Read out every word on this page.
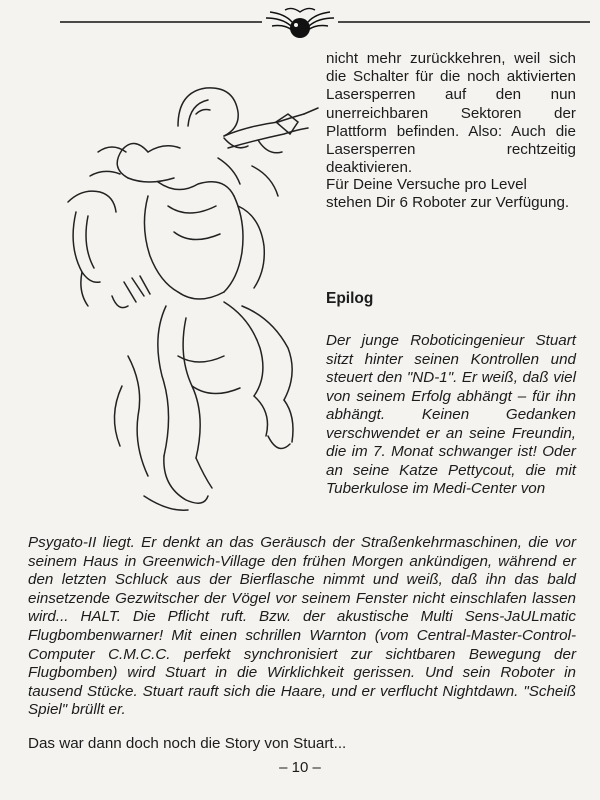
nicht mehr zurückkehren, weil sich die Schalter für die noch aktivierten Lasersperren auf den nun unerreichbaren Sektoren der Plattform befinden. Also: Auch die Lasersperren rechtzeitig deaktivieren.

Für Deine Versuche pro Level stehen Dir 6 Roboter zur Verfügung.

Epilog

Der junge Roboticingenieur Stuart sitzt hinter seinen Kontrollen und steuert den "ND-1". Er weiß, daß viel von seinem Erfolg abhängt – für ihn abhängt. Keinen Gedanken verschwendet er an seine Freundin, die im 7. Monat schwanger ist! Oder an seine Katze Pettycout, die mit Tuberkulose im Medi-Center von

Psygato-II liegt. Er denkt an das Geräusch der Straßenkehrmaschinen, die vor seinem Haus in Greenwich-Village den frühen Morgen ankündigen, während er den letzten Schluck aus der Bierflasche nimmt und weiß, daß ihn das bald einsetzende Gezwitscher der Vögel vor seinem Fenster nicht einschlafen lassen wird... HALT. Die Pflicht ruft. Bzw. der akustische Multi Sens-JaULmatic Flugbombenwarner! Mit einen schrillen Warnton (vom Central-Master-Control-Computer C.M.C.C. perfekt synchronisiert zur sichtbaren Bewegung der Flugbomben) wird Stuart in die Wirklichkeit gerissen. Und sein Roboter in tausend Stücke. Stuart rauft sich die Haare, und er verflucht Nightdawn. "Scheiß Spiel" brüllt er.

Das war dann doch noch die Story von Stuart...

– 10 –
